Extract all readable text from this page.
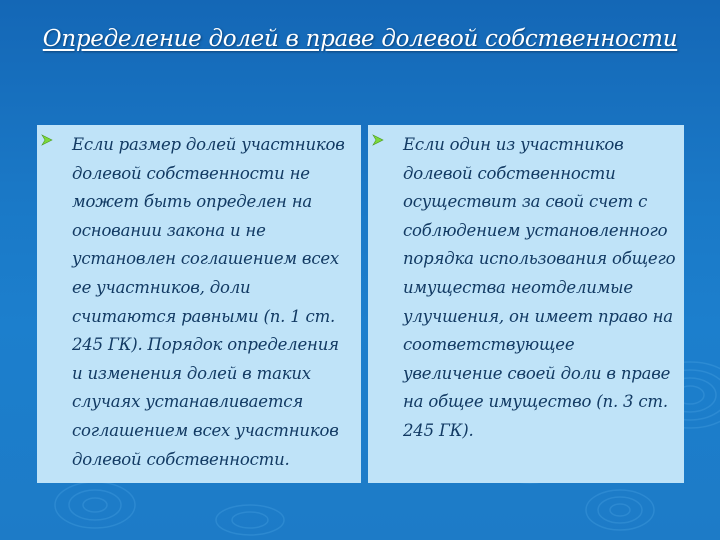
Определение долей в праве долевой собственности

Если размер долей участников долевой собственности не может быть определен на основании закона и не установлен соглашением всех ее участников, доли считаются равными (п. 1 ст. 245 ГК). Порядок определения и изменения долей в таких случаях устанавливается соглашением всех участников долевой собственности.

Если один из участников долевой собственности осуществит за свой счет с соблюдением установленного порядка использования общего имущества неотделимые улучшения, он имеет право на соответствующее увеличение своей доли в праве на общее имущество (п. 3 ст. 245 ГК).
